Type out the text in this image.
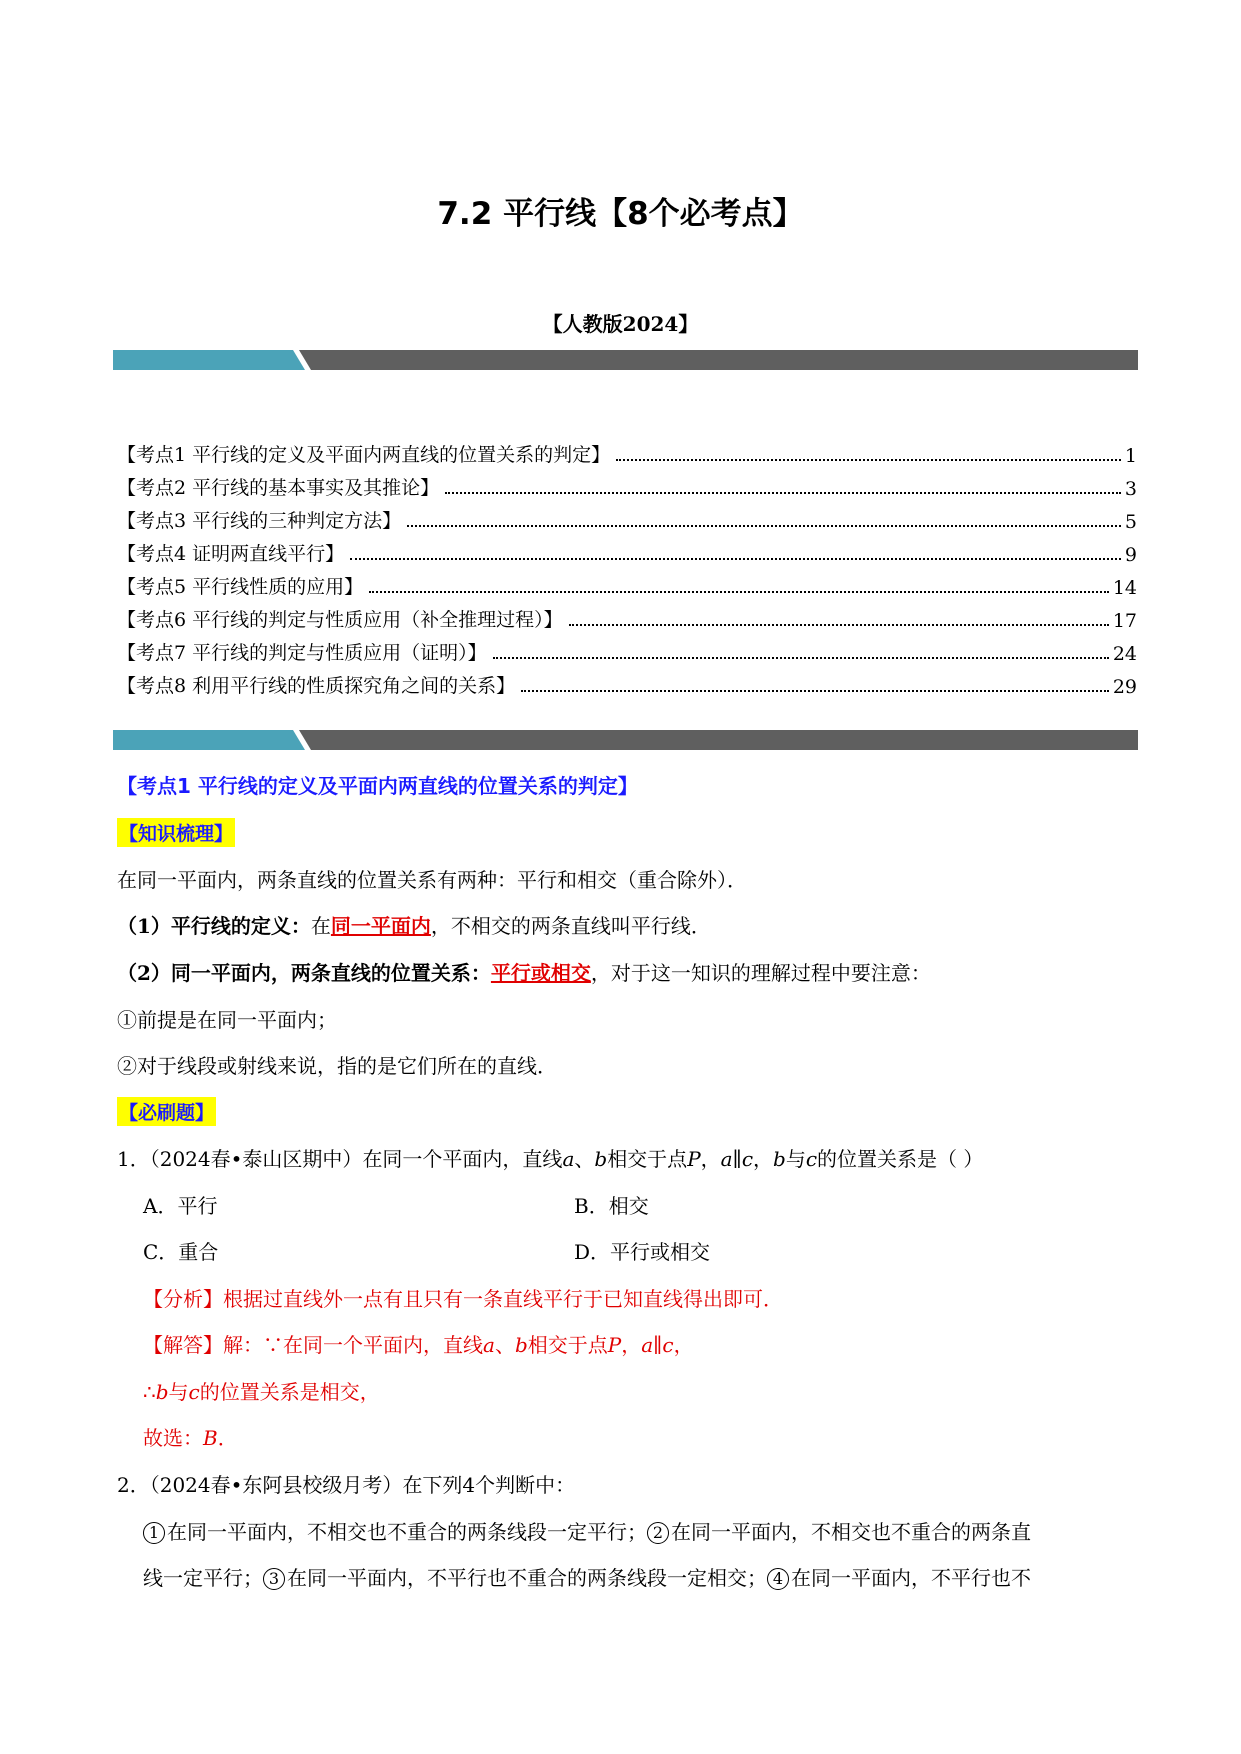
7.2 平行线【8个必考点】
【人教版2024】
【考点1 平行线的定义及平面内两直线的位置关系的判定】	1
【考点2 平行线的基本事实及其推论】	3
【考点3 平行线的三种判定方法】	5
【考点4 证明两直线平行】	9
【考点5 平行线性质的应用】	14
【考点6 平行线的判定与性质应用（补全推理过程）】	17
【考点7 平行线的判定与性质应用（证明）】	24
【考点8 利用平行线的性质探究角之间的关系】	29
【考点1 平行线的定义及平面内两直线的位置关系的判定】
【知识梳理】
在同一平面内，两条直线的位置关系有两种：平行和相交（重合除外）．
（1）平行线的定义：在同一平面内，不相交的两条直线叫平行线．
（2）同一平面内，两条直线的位置关系：平行或相交，对于这一知识的理解过程中要注意：
①前提是在同一平面内；
②对于线段或射线来说，指的是它们所在的直线．
【必刷题】
1．（2024春•泰山区期中）在同一个平面内，直线a、b相交于点P，a∥c，b与c的位置关系是（ ）
A．平行	B．相交
C．重合	D．平行或相交
【分析】根据过直线外一点有且只有一条直线平行于已知直线得出即可．
【解答】解：∵在同一个平面内，直线a、b相交于点P，a∥c，
∴b与c的位置关系是相交，
故选：B．
2．（2024春•东阿县校级月考）在下列4个判断中：
1 在同一平面内，不相交也不重合的两条线段一定平行； 2 在同一平面内，不相交也不重合的两条直
线一定平行； 3 在同一平面内，不平行也不重合的两条线段一定相交； 4 在同一平面内，不平行也不
